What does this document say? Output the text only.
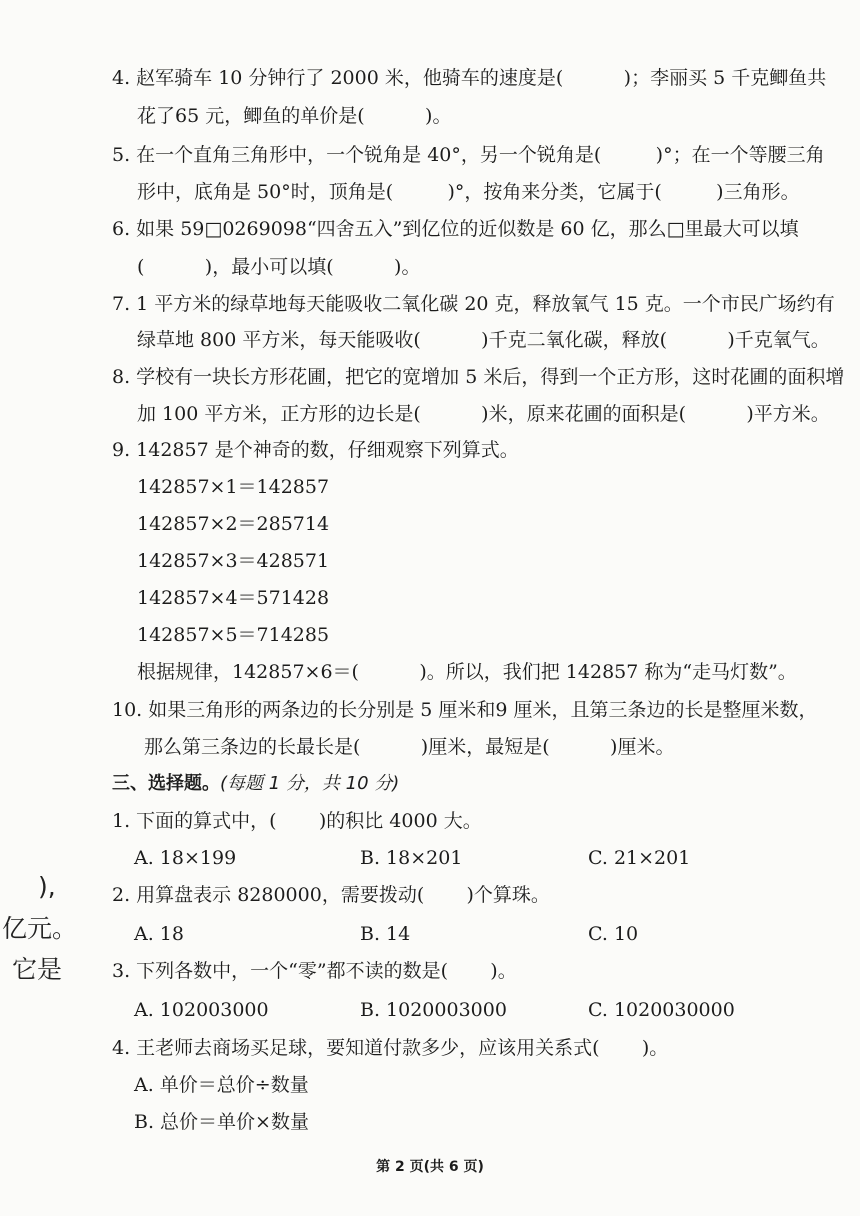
4. 赵军骑车 10 分钟行了 2000 米，他骑车的速度是(          )；李丽买 5 千克鲫鱼共
花了65 元，鲫鱼的单价是(          )。
5. 在一个直角三角形中，一个锐角是 40°，另一个锐角是(         )°；在一个等腰三角
形中，底角是 50°时，顶角是(         )°，按角来分类，它属于(         )三角形。
6. 如果 59□0269098“四舍五入”到亿位的近似数是 60 亿，那么□里最大可以填
(          )，最小可以填(          )。
7. 1 平方米的绿草地每天能吸收二氧化碳 20 克，释放氧气 15 克。一个市民广场约有
绿草地 800 平方米，每天能吸收(          )千克二氧化碳，释放(          )千克氧气。
8. 学校有一块长方形花圃，把它的宽增加 5 米后，得到一个正方形，这时花圃的面积增
加 100 平方米，正方形的边长是(          )米，原来花圃的面积是(          )平方米。
9. 142857 是个神奇的数，仔细观察下列算式。
142857×1＝142857
142857×2＝285714
142857×3＝428571
142857×4＝571428
142857×5＝714285
根据规律，142857×6＝(          )。所以，我们把 142857 称为“走马灯数”。
10. 如果三角形的两条边的长分别是 5 厘米和9 厘米，且第三条边的长是整厘米数，
那么第三条边的长最长是(          )厘米，最短是(          )厘米。
三、选择题。(每题 1 分，共 10 分)
1. 下面的算式中，(       )的积比 4000 大。
A. 18×199	B. 18×201	C. 21×201
2. 用算盘表示 8280000，需要拨动(       )个算珠。
A. 18	B. 14	C. 10
3. 下列各数中，一个“零”都不读的数是(       )。
A. 102003000	B. 1020003000	C. 1020030000
4. 王老师去商场买足球，要知道付款多少，应该用关系式(       )。
A. 单价＝总价÷数量
B. 总价＝单价×数量
),
亿元。
它是
第 2 页(共 6 页)
